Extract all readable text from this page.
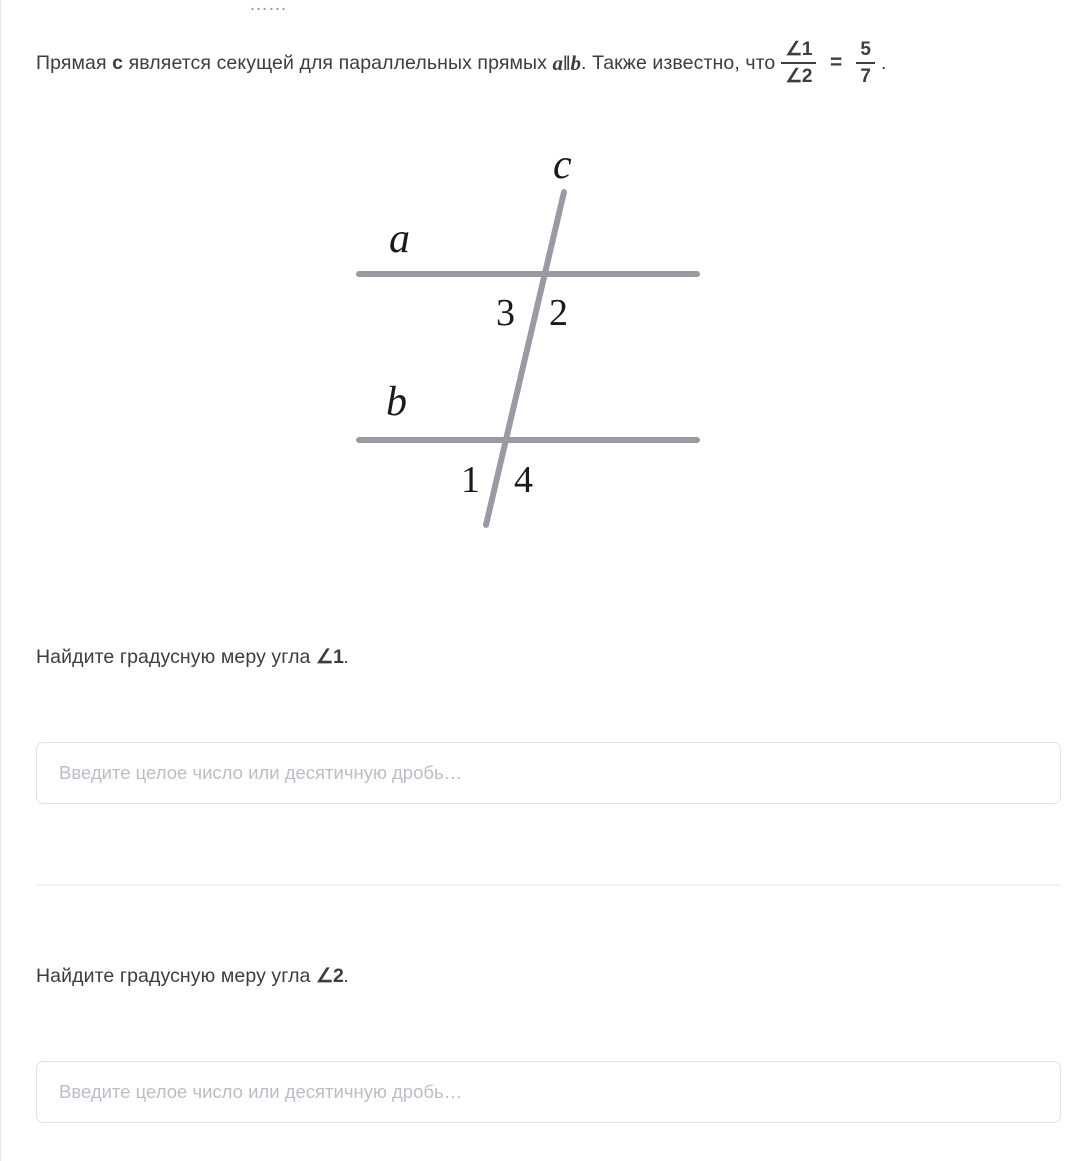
……
Прямая
c
является секущей для параллельных прямых
a‖b . Также известно, что $\frac{\angle 1}{\angle 2} = \frac{5}{7}$ .
a
b
c
3 2
1 4
Найдите градусную меру угла ∠1.
Введите целое число или десятичную дробь…
Найдите градусную меру угла ∠2.
Введите целое число или десятичную дробь…
